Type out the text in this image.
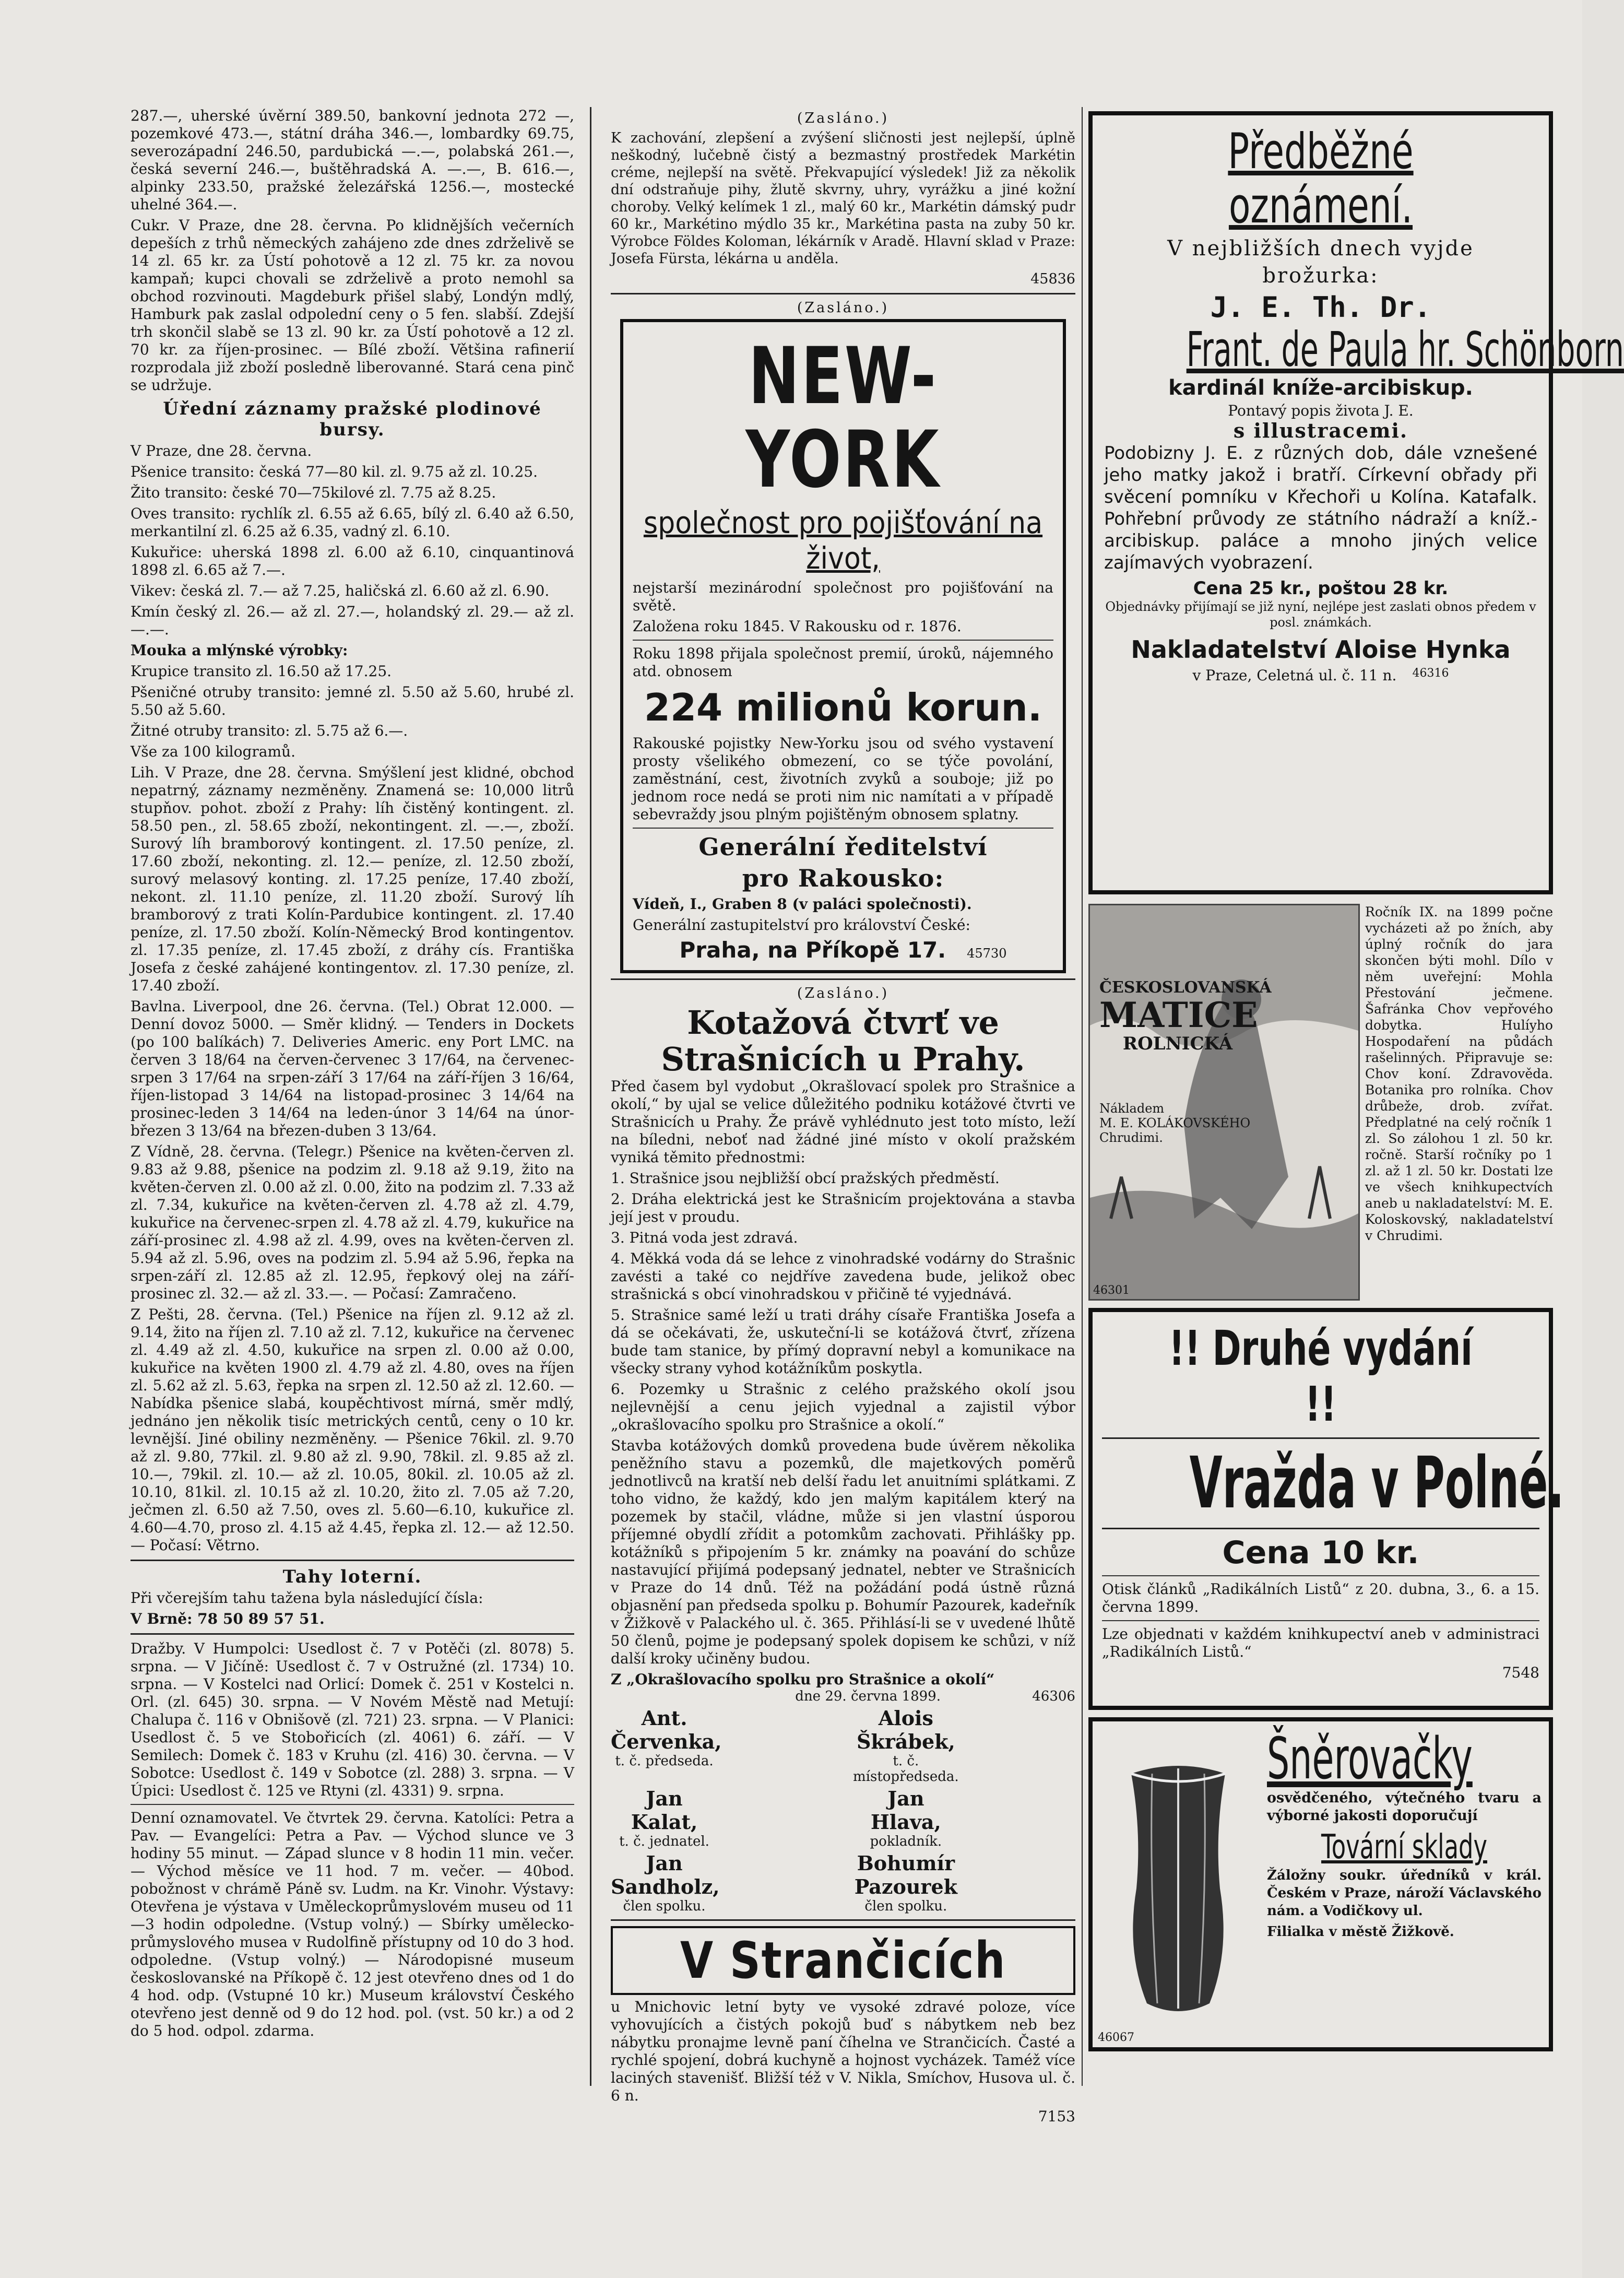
287.—, uherské úvěrní 389.50, bankovní jednota 272 —, pozemkové 473.—, státní dráha 346.—, lombardky 69.75, severozápadní 246.50, pardubická —.—, polabská 261.—, česká severní 246.—, buštěhradská A. —.—, B. 616.—, alpinky 233.50, pražské železářská 1256.—, mostecké uhelné 364.—.

Cukr. V Praze, dne 28. června. Po klidnějších večerních depeších z trhů německých zahájeno zde dnes zdrželivě se 14 zl. 65 kr. za Ústí pohotově a 12 zl. 75 kr. za novou kampaň; kupci chovali se zdrželivě a proto nemohl sa obchod rozvinouti. Magdeburk přišel slabý, Londýn mdlý, Hamburk pak zaslal odpolední ceny o 5 fen. slabší. Zdejší trh skončil slabě se 13 zl. 90 kr. za Ústí pohotově a 12 zl. 70 kr. za říjen-prosinec. — Bílé zboží. Většina rafinerií rozprodala již zboží posledně liberovanné. Stará cena pinč se udržuje.

Úřední záznamy pražské plodinové bursy.

V Praze, dne 28. června.

Pšenice transito: česká 77—80 kil. zl. 9.75 až zl. 10.25.

Žito transito: české 70—75kilové zl. 7.75 až 8.25.

Oves transito: rychlík zl. 6.55 až 6.65, bílý zl. 6.40 až 6.50, merkantilní zl. 6.25 až 6.35, vadný zl. 6.10.

Kukuřice: uherská 1898 zl. 6.00 až 6.10, cinquantinová 1898 zl. 6.65 až 7.—.

Vikev: česká zl. 7.— až 7.25, haličská zl. 6.60 až zl. 6.90.

Kmín český zl. 26.— až zl. 27.—, holandský zl. 29.— až zl. —.—.

Mouka a mlýnské výrobky:

Krupice transito zl. 16.50 až 17.25.

Pšeničné otruby transito: jemné zl. 5.50 až 5.60, hrubé zl. 5.50 až 5.60.

Žitné otruby transito: zl. 5.75 až 6.—.

Vše za 100 kilogramů.

Lih. V Praze, dne 28. června. Smýšlení jest klidné, obchod nepatrný, záznamy nezměněny. Znamená se: 10,000 litrů stupňov. pohot. zboží z Prahy: líh čistěný kontingent. zl. 58.50 pen., zl. 58.65 zboží, nekontingent. zl. —.—, zboží. Surový líh bramborový kontingent. zl. 17.50 peníze, zl. 17.60 zboží, nekonting. zl. 12.— peníze, zl. 12.50 zboží, surový melasový konting. zl. 17.25 peníze, 17.40 zboží, nekont. zl. 11.10 peníze, zl. 11.20 zboží. Surový líh bramborový z trati Kolín-Pardubice kontingent. zl. 17.40 peníze, zl. 17.50 zboží. Kolín-Německý Brod kontingentov. zl. 17.35 peníze, zl. 17.45 zboží, z dráhy cís. Františka Josefa z české zahájené kontingentov. zl. 17.30 peníze, zl. 17.40 zboží.

Bavlna. Liverpool, dne 26. června. (Tel.) Obrat 12.000. — Denní dovoz 5000. — Směr klidný. — Tenders in Dockets (po 100 balíkách) 7. Deliveries Americ. eny Port LMC. na červen 3 18/64 na červen-červenec 3 17/64, na červenec-srpen 3 17/64 na srpen-září 3 17/64 na září-říjen 3 16/64, říjen-listopad 3 14/64 na listopad-prosinec 3 14/64 na prosinec-leden 3 14/64 na leden-únor 3 14/64 na únor-březen 3 13/64 na březen-duben 3 13/64.

Z Vídně, 28. června. (Telegr.) Pšenice na květen-červen zl. 9.83 až 9.88, pšenice na podzim zl. 9.18 až 9.19, žito na květen-červen zl. 0.00 až zl. 0.00, žito na podzim zl. 7.33 až zl. 7.34, kukuřice na květen-červen zl. 4.78 až zl. 4.79, kukuřice na červenec-srpen zl. 4.78 až zl. 4.79, kukuřice na září-prosinec zl. 4.98 až zl. 4.99, oves na květen-červen zl. 5.94 až zl. 5.96, oves na podzim zl. 5.94 až 5.96, řepka na srpen-září zl. 12.85 až zl. 12.95, řepkový olej na září-prosinec zl. 32.— až zl. 33.—. — Počasí: Zamračeno.

Z Pešti, 28. června. (Tel.) Pšenice na říjen zl. 9.12 až zl. 9.14, žito na říjen zl. 7.10 až zl. 7.12, kukuřice na červenec zl. 4.49 až zl. 4.50, kukuřice na srpen zl. 0.00 až 0.00, kukuřice na květen 1900 zl. 4.79 až zl. 4.80, oves na říjen zl. 5.62 až zl. 5.63, řepka na srpen zl. 12.50 až zl. 12.60. — Nabídka pšenice slabá, koupěchtivost mírná, směr mdlý, jednáno jen několik tisíc metrických centů, ceny o 10 kr. levnější. Jiné obiliny nezměněny. — Pšenice 76kil. zl. 9.70 až zl. 9.80, 77kil. zl. 9.80 až zl. 9.90, 78kil. zl. 9.85 až zl. 10.—, 79kil. zl. 10.— až zl. 10.05, 80kil. zl. 10.05 až zl. 10.10, 81kil. zl. 10.15 až zl. 10.20, žito zl. 7.05 až 7.20, ječmen zl. 6.50 až 7.50, oves zl. 5.60—6.10, kukuřice zl. 4.60—4.70, proso zl. 4.15 až 4.45, řepka zl. 12.— až 12.50. — Počasí: Větrno.

Tahy loterní.

Při včerejším tahu tažena byla následující čísla:

V Brně: 78 50 89 57 51.

Dražby. V Humpolci: Usedlost č. 7 v Potěči (zl. 8078) 5. srpna. — V Jičíně: Usedlost č. 7 v Ostružné (zl. 1734) 10. srpna. — V Kostelci nad Orlicí: Domek č. 251 v Kostelci n. Orl. (zl. 645) 30. srpna. — V Novém Městě nad Metují: Chalupa č. 116 v Obnišově (zl. 721) 23. srpna. — V Planici: Usedlost č. 5 ve Stobořicích (zl. 4061) 6. září. — V Semilech: Domek č. 183 v Kruhu (zl. 416) 30. června. — V Sobotce: Usedlost č. 149 v Sobotce (zl. 288) 3. srpna. — V Úpici: Usedlost č. 125 ve Rtyni (zl. 4331) 9. srpna.

Denní oznamovatel. Ve čtvrtek 29. června. Katolíci: Petra a Pav. — Evangelíci: Petra a Pav. — Východ slunce ve 3 hodiny 55 minut. — Západ slunce v 8 hodin 11 min. večer. — Východ měsíce ve 11 hod. 7 m. večer. — 40bod. pobožnost v chrámě Páně sv. Ludm. na Kr. Vinohr. Výstavy: Otevřena je výstava v Uměleckoprůmyslovém museu od 11—3 hodin odpoledne. (Vstup volný.) — Sbírky umělecko-průmyslového musea v Rudolfině přístupny od 10 do 3 hod. odpoledne. (Vstup volný.) — Národopisné museum českoslovanské na Příkopě č. 12 jest otevřeno dnes od 1 do 4 hod. odp. (Vstupné 10 kr.) Museum království Českého otevřeno jest denně od 9 do 12 hod. pol. (vst. 50 kr.) a od 2 do 5 hod. odpol. zdarma.

(Zasláno.)

K zachování, zlepšení a zvýšení sličnosti jest nejlepší, úplně neškodný, lučebně čistý a bezmastný prostředek Markétin créme, nejlepší na světě. Překvapující výsledek! Již za několik dní odstraňuje pihy, žlutě skvrny, uhry, vyrážku a jiné kožní choroby. Velký kelímek 1 zl., malý 60 kr., Markétin dámský pudr 60 kr., Markétino mýdlo 35 kr., Markétina pasta na zuby 50 kr. Výrobce Földes Koloman, lékárník v Aradě. Hlavní sklad v Praze: Josefa Fürsta, lékárna u anděla.

45836

(Zasláno.)
NEW-YORK
společnost pro pojišťování na život,

nejstarší mezinárodní společnost pro pojišťování na světě.

Založena roku 1845. V Rakousku od r. 1876.

Roku 1898 přijala společnost premií, úroků, nájemného atd. obnosem

224 milionů korun.

Rakouské pojistky New-Yorku jsou od svého vystavení prosty všelikého obmezení, co se týče povolání, zaměstnání, cest, životních zvyků a souboje; již po jednom roce nedá se proti nim nic namítati a v případě sebevraždy jsou plným pojištěným obnosem splatny.

Generální ředitelství
pro Rakousko:

Vídeň, I., Graben 8 (v paláci společnosti).

Generální zastupitelství pro království České:

Praha, na Příkopě 17. 45730
(Zasláno.)
Kotažová čtvrť ve Strašnicích u Prahy.

Před časem byl vydobut „Okrašlovací spolek pro Strašnice a okolí,“ by ujal se velice důležitého podniku kotážové čtvrti ve Strašnicích u Prahy. Že právě vyhlédnuto jest toto místo, leží na bíledni, neboť nad žádné jiné místo v okolí pražském vyniká těmito přednostmi:

1. Strašnice jsou nejbližší obcí pražských předměstí.

2. Dráha elektrická jest ke Strašnicím projektována a stavba její jest v proudu.

3. Pitná voda jest zdravá.

4. Měkká voda dá se lehce z vinohradské vodárny do Strašnic zavésti a také co nejdříve zavedena bude, jelikož obec strašnická s obcí vinohradskou v přičině té vyjednává.

5. Strašnice samé leží u trati dráhy císaře Františka Josefa a dá se očekávati, že, uskuteční-li se kotážová čtvrť, zřízena bude tam stanice, by přímý dopravní nebyl a komunikace na všecky strany vyhod kotážníkům poskytla.

6. Pozemky u Strašnic z celého pražského okolí jsou nejlevnější a cenu jejich vyjednal a zajistil výbor „okrašlovacího spolku pro Strašnice a okolí.“

Stavba kotážových domků provedena bude úvěrem několika peněžního stavu a pozemků, dle majetkových poměrů jednotlivců na kratší neb delší řadu let anuitními splátkami. Z toho vidno, že každý, kdo jen malým kapitálem který na pozemek by stačil, vládne, může si jen vlastní úsporou příjemné obydlí zřídit a potomkům zachovati. Přihlášky pp. kotážníků s připojením 5 kr. známky na poavání do schůze nastavující přijímá podepsaný jednatel, nebter ve Strašnicích v Praze do 14 dnů. Též na požádání podá ústně různá objasnění pan předseda spolku p. Bohumír Pazourek, kadeřník v Žižkově v Palackého ul. č. 365. Přihlásí-li se v uvedené lhůtě 50 členů, pojme je podepsaný spolek dopisem ke schůzi, v níž další kroky učiněny budou.

Z „Okrašlovacího spolku pro Strašnice a okolí“

dne 29. června 1899.	46306
Ant. Červenka,
t. č. předseda.
Alois Škrábek,
t. č. místopředseda.
Jan Kalat,
t. č. jednatel.
Jan Hlava,
pokladník.
Jan Sandholz,
člen spolku.
Bohumír Pazourek
člen spolku.
V Strančicích

u Mnichovic letní byty ve vysoké zdravé poloze, více vyhovujících a čistých pokojů buď s nábytkem neb bez nábytku pronajme levně paní číhelna ve Strančicích. Časté a rychlé spojení, dobrá kuchyně a hojnost vycházek. Taméž více laciných stavenišť. Bližší též v V. Nikla, Smíchov, Husova ul. č. 6 n.

7153

Předběžné oznámení.
V nejbližších dnech vyjde
brožurka:
J. E. Th. Dr.
Frant. de Paula hr. Schönborn
kardinál kníže-arcibiskup.
Pontavý popis života J. E.
s illustracemi.
Podobizny J. E. z různých dob, dále vznešené jeho matky jakož i bratří. Církevní obřady při svěcení pomníku v Křechoři u Kolína. Katafalk. Pohřební průvody ze státního nádraží a kníž.-arcibiskup. paláce a mnoho jiných velice zajímavých vyobrazení.
Cena 25 kr., poštou 28 kr.
Objednávky přijímají se již nyní, nejlépe jest zaslati obnos předem v posl. známkách.
Nakladatelství Aloise Hynka
v Praze, Celetná ul. č. 11 n. 46316
ČESKOSLOVANSKÁ
MATICE
ROLNICKÁ
Nákladem
M. E. KOLÁKOVSKÉHO
Chrudimi.
46301

Ročník IX. na 1899 počne vycházeti až po žních, aby úplný ročník do jara skončen býti mohl. Dílo v něm uveřejní: Mohla Přestování ječmene. Šafránka Chov vepřového dobytka. Hulíyho Hospodaření na půdách rašelinných. Připravuje se: Chov koní. Zdravověda. Botanika pro rolníka. Chov drůbeže, drob. zvířat. Předplatné na celý ročník 1 zl. So zálohou 1 zl. 50 kr. ročně. Starší ročníky po 1 zl. až 1 zl. 50 kr. Dostati lze ve všech knihkupectvích aneb u nakladatelství: M. E. Koloskovský, nakladatelství v Chrudimi.

!! Druhé vydání !!
Vražda v Polné.
Cena 10 kr.

Otisk článků „Radikálních Listů“ z 20. dubna, 3., 6. a 15. června 1899.

Lze objednati v každém knihkupectví aneb v administraci „Radikálních Listů.“

7548

Šněrovačky

osvědčeného, výtečného tvaru a výborné jakosti doporučují

Tovární sklady

Žáložny soukr. úředníků v král. Českém v Praze, nároží Václavského nám. a Vodičkovy ul.

Filialka v městě Žižkově.

46067
